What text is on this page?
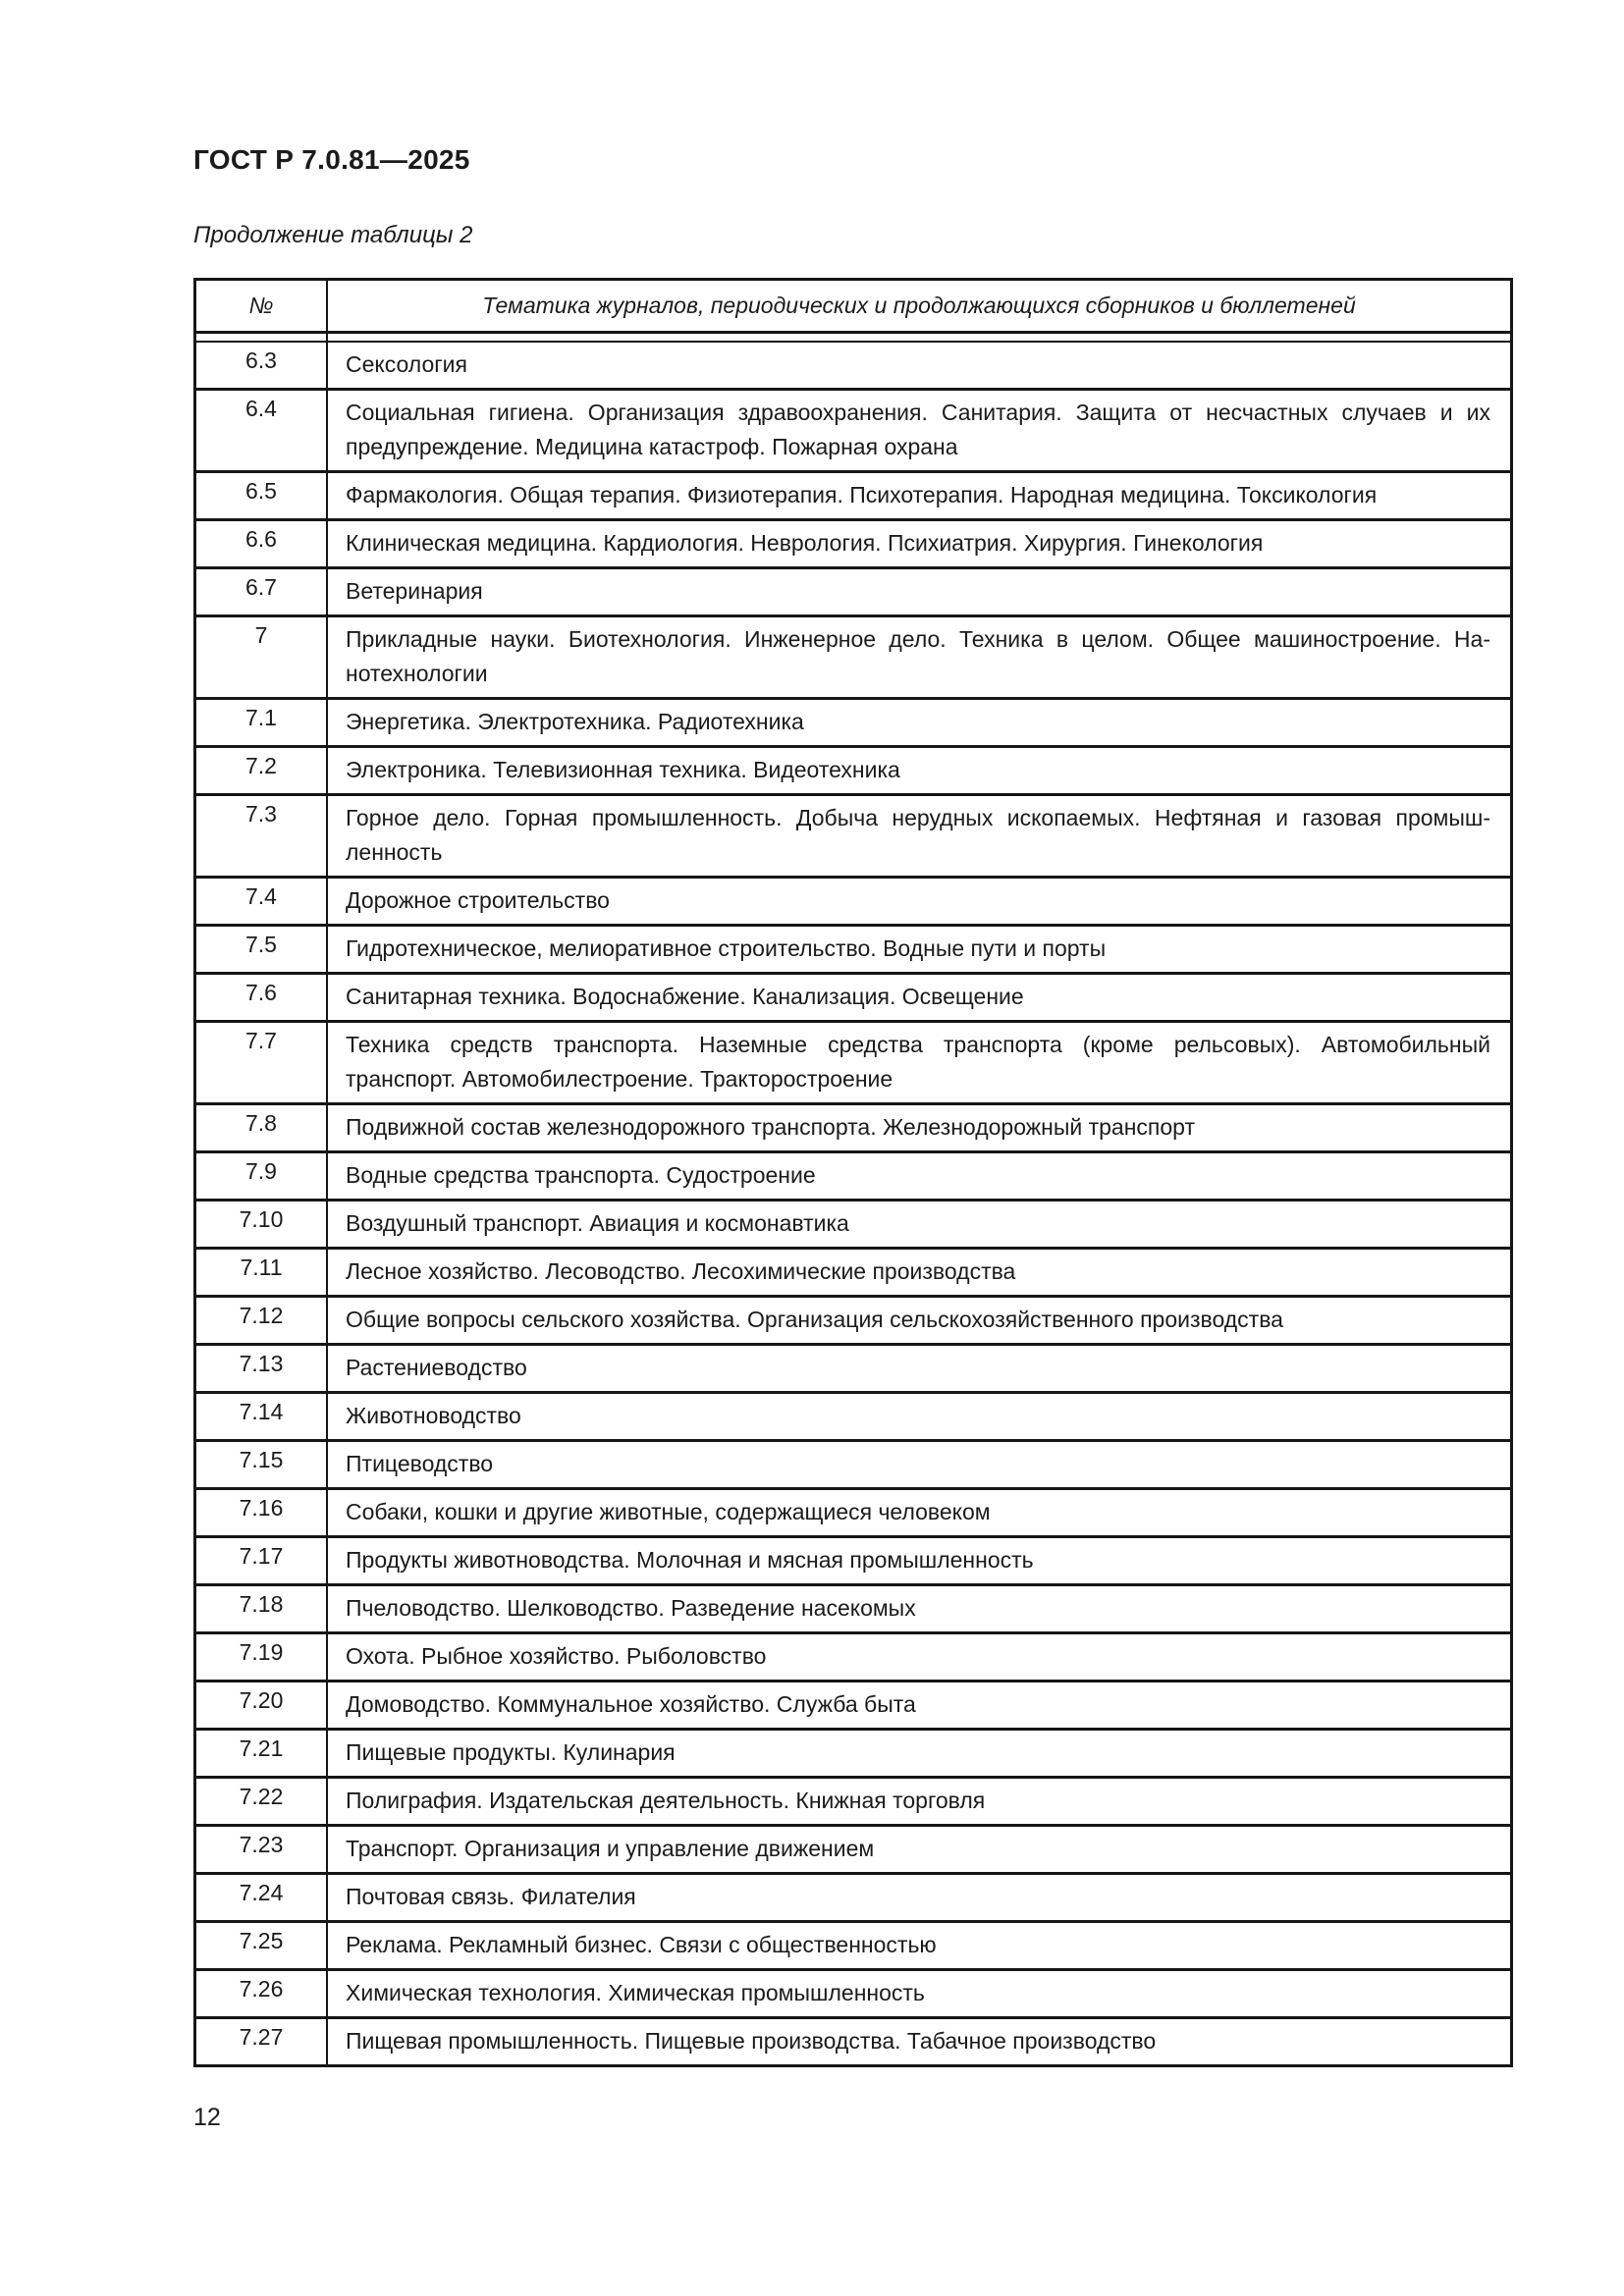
ГОСТ Р 7.0.81—2025
Продолжение таблицы 2
№	Тематика журналов, периодических и продолжающихся сборников и бюллетеней

6.3	Сексология

6.4	Социальная гигиена. Организация здравоохранения. Санитария. Защита от несчастных случаев и их
предупреждение. Медицина катастроф. Пожарная охрана

6.5	Фармакология. Общая терапия. Физиотерапия. Психотерапия. Народная медицина. Токсикология

6.6	Клиническая медицина. Кардиология. Неврология. Психиатрия. Хирургия. Гинекология

6.7	Ветеринария

7	Прикладные науки. Биотехнология. Инженерное дело. Техника в целом. Общее машиностроение. На-
нотехнологии

7.1	Энергетика. Электротехника. Радиотехника

7.2	Электроника. Телевизионная техника. Видеотехника

7.3	Горное дело. Горная промышленность. Добыча нерудных ископаемых. Нефтяная и газовая промыш-
ленность

7.4	Дорожное строительство

7.5	Гидротехническое, мелиоративное строительство. Водные пути и порты

7.6	Санитарная техника. Водоснабжение. Канализация. Освещение

7.7	Техника средств транспорта. Наземные средства транспорта (кроме рельсовых). Автомобильный
транспорт. Автомобилестроение. Тракторостроение

7.8	Подвижной состав железнодорожного транспорта. Железнодорожный транспорт

7.9	Водные средства транспорта. Судостроение

7.10	Воздушный транспорт. Авиация и космонавтика

7.11	Лесное хозяйство. Лесоводство. Лесохимические производства

7.12	Общие вопросы сельского хозяйства. Организация сельскохозяйственного производства

7.13	Растениеводство

7.14	Животноводство

7.15	Птицеводство

7.16	Собаки, кошки и другие животные, содержащиеся человеком

7.17	Продукты животноводства. Молочная и мясная промышленность

7.18	Пчеловодство. Шелководство. Разведение насекомых

7.19	Охота. Рыбное хозяйство. Рыболовство

7.20	Домоводство. Коммунальное хозяйство. Служба быта

7.21	Пищевые продукты. Кулинария

7.22	Полиграфия. Издательская деятельность. Книжная торговля

7.23	Транспорт. Организация и управление движением

7.24	Почтовая связь. Филателия

7.25	Реклама. Рекламный бизнес. Связи с общественностью

7.26	Химическая технология. Химическая промышленность

7.27	Пищевая промышленность. Пищевые производства. Табачное производство
12
